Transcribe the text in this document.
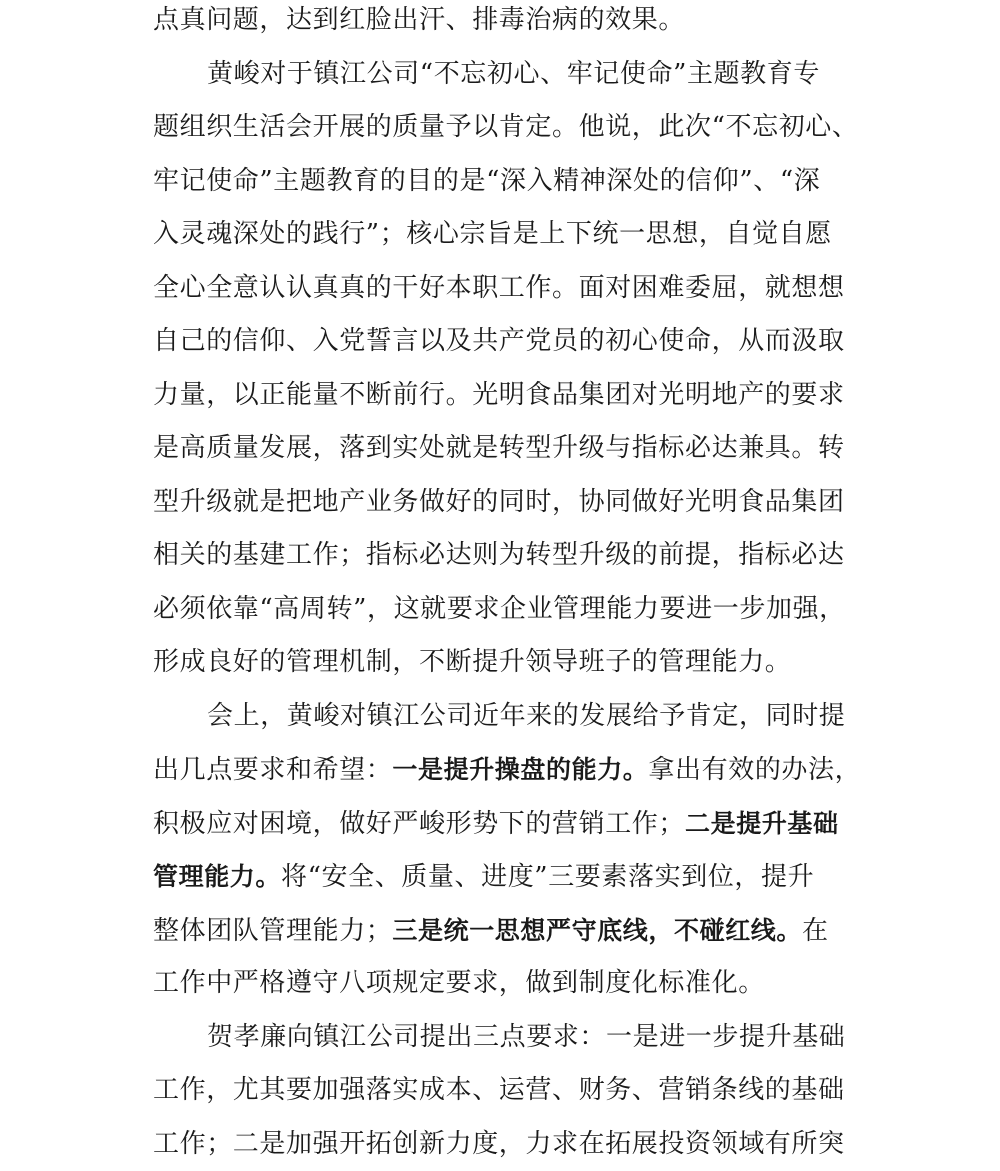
点真问题，达到红脸出汗、排毒治病的效果。
黄峻对于镇江公司“不忘初心、牢记使命”主题教育专
题组织生活会开展的质量予以肯定。他说，此次“不忘初心、
牢记使命”主题教育的目的是“深入精神深处的信仰”、“深
入灵魂深处的践行”；核心宗旨是上下统一思想，自觉自愿
全心全意认认真真的干好本职工作。面对困难委屈，就想想
自己的信仰、入党誓言以及共产党员的初心使命，从而汲取
力量，以正能量不断前行。光明食品集团对光明地产的要求
是高质量发展，落到实处就是转型升级与指标必达兼具。转
型升级就是把地产业务做好的同时，协同做好光明食品集团
相关的基建工作；指标必达则为转型升级的前提，指标必达
必须依靠“高周转”，这就要求企业管理能力要进一步加强，
形成良好的管理机制，不断提升领导班子的管理能力。
会上，黄峻对镇江公司近年来的发展给予肯定，同时提
出几点要求和希望：一是提升操盘的能力。拿出有效的办法，
积极应对困境，做好严峻形势下的营销工作；二是提升基础
管理能力。将“安全、质量、进度”三要素落实到位，提升
整体团队管理能力；三是统一思想严守底线，不碰红线。在
工作中严格遵守八项规定要求，做到制度化标准化。
贺孝廉向镇江公司提出三点要求：一是进一步提升基础
工作，尤其要加强落实成本、运营、财务、营销条线的基础
工作；二是加强开拓创新力度，力求在拓展投资领域有所突
